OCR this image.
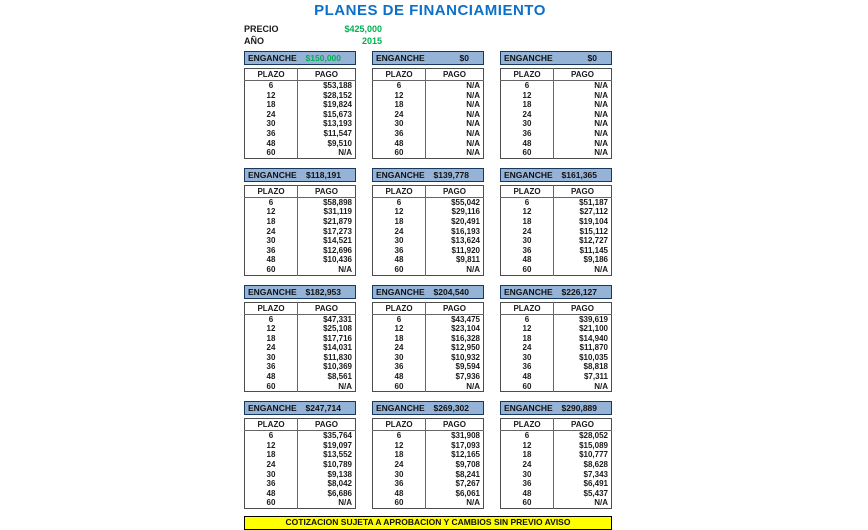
PLANES DE FINANCIAMIENTO
PRECIO	$425,000
AÑO	2015
ENGANCHE $150,000
PLAZO	PAGO
6	$53,188
12	$28,152
18	$19,824
24	$15,673
30	$13,193
36	$11,547
48	$9,510
60	N/A
ENGANCHE	$0
PLAZO	PAGO
6	N/A
12	N/A
18	N/A
24	N/A
30	N/A
36	N/A
48	N/A
60	N/A
ENGANCHE	$0
PLAZO	PAGO
6	N/A
12	N/A
18	N/A
24	N/A
30	N/A
36	N/A
48	N/A
60	N/A
ENGANCHE $118,191
PLAZO	PAGO
6	$58,898
12	$31,119
18	$21,879
24	$17,273
30	$14,521
36	$12,696
48	$10,436
60	N/A
ENGANCHE $139,778
PLAZO	PAGO
6	$55,042
12	$29,116
18	$20,491
24	$16,193
30	$13,624
36	$11,920
48	$9,811
60	N/A
ENGANCHE $161,365
PLAZO	PAGO
6	$51,187
12	$27,112
18	$19,104
24	$15,112
30	$12,727
36	$11,145
48	$9,186
60	N/A
ENGANCHE $182,953
PLAZO	PAGO
6	$47,331
12	$25,108
18	$17,716
24	$14,031
30	$11,830
36	$10,369
48	$8,561
60	N/A
ENGANCHE $204,540
PLAZO	PAGO
6	$43,475
12	$23,104
18	$16,328
24	$12,950
30	$10,932
36	$9,594
48	$7,936
60	N/A
ENGANCHE $226,127
PLAZO	PAGO
6	$39,619
12	$21,100
18	$14,940
24	$11,870
30	$10,035
36	$8,818
48	$7,311
60	N/A
ENGANCHE $247,714
PLAZO	PAGO
6	$35,764
12	$19,097
18	$13,552
24	$10,789
30	$9,138
36	$8,042
48	$6,686
60	N/A
ENGANCHE $269,302
PLAZO	PAGO
6	$31,908
12	$17,093
18	$12,165
24	$9,708
30	$8,241
36	$7,267
48	$6,061
60	N/A
ENGANCHE $290,889
PLAZO	PAGO
6	$28,052
12	$15,089
18	$10,777
24	$8,628
30	$7,343
36	$6,491
48	$5,437
60	N/A
COTIZACION SUJETA A APROBACION Y CAMBIOS SIN PREVIO AVISO
